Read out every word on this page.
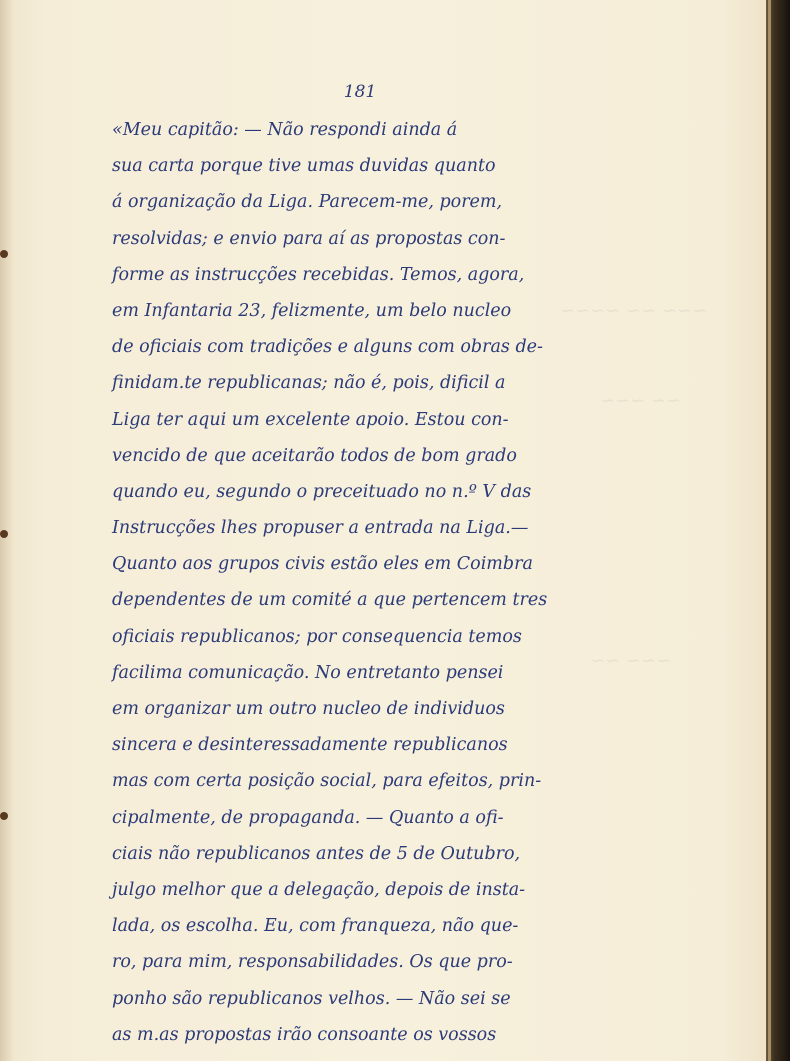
~~~ ~~ ~~~~
~~ ~~~
~~~ ~~
181
«Meu capitão: — Não respondi ainda á
sua carta porque tive umas duvidas quanto
á organização da Liga. Parecem-me, porem,
resolvidas; e envio para aí as propostas con-
forme as instrucções recebidas. Temos, agora,
em Infantaria 23, felizmente, um belo nucleo
de oficiais com tradições e alguns com obras de-
finidam.te republicanas; não é, pois, dificil a
Liga ter aqui um excelente apoio. Estou con-
vencido de que aceitarão todos de bom grado
quando eu, segundo o preceituado no n.º V das
Instrucções lhes propuser a entrada na Liga.—
Quanto aos grupos civis estão eles em Coimbra
dependentes de um comité a que pertencem tres
oficiais republicanos; por consequencia temos
facilima comunicação. No entretanto pensei
em organizar um outro nucleo de individuos
sincera e desinteressadamente republicanos
mas com certa posição social, para efeitos, prin-
cipalmente, de propaganda. — Quanto a ofi-
ciais não republicanos antes de 5 de Outubro,
julgo melhor que a delegação, depois de insta-
lada, os escolha. Eu, com franqueza, não que-
ro, para mim, responsabilidades. Os que pro-
ponho são republicanos velhos. — Não sei se
as m.as propostas irão consoante os vossos
